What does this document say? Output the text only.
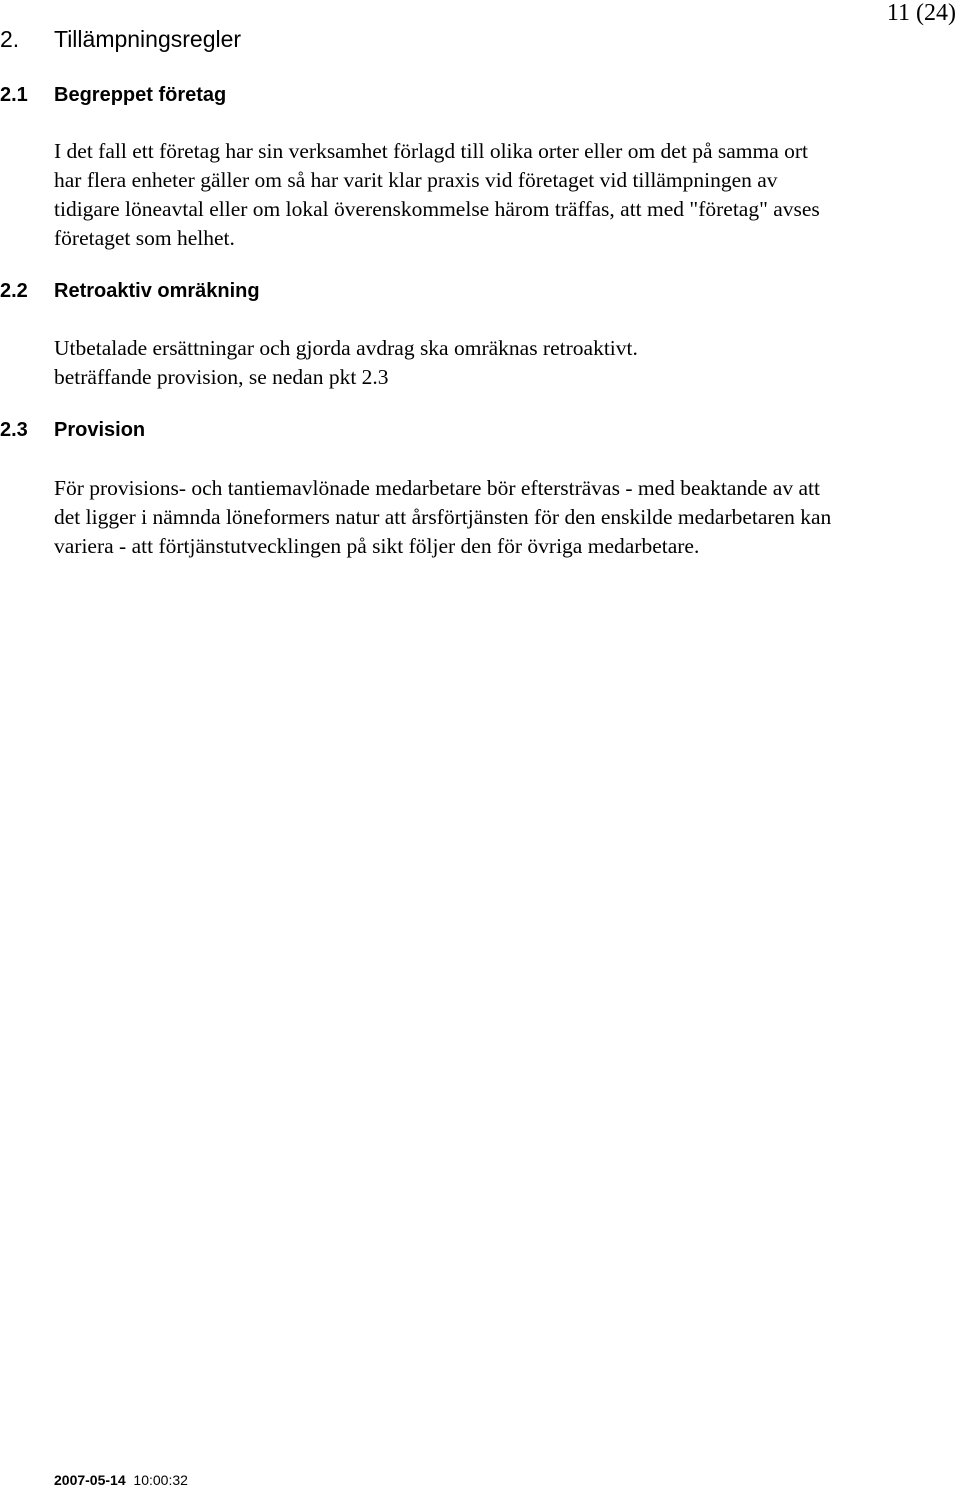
11 (24)
2. Tillämpningsregler
2.1 Begreppet företag
I det fall ett företag har sin verksamhet förlagd till olika orter eller om det på samma ort
har flera enheter gäller om så har varit klar praxis vid företaget vid tillämpningen av
tidigare löneavtal eller om lokal överenskommelse härom träffas, att med "företag" avses
företaget som helhet.
2.2 Retroaktiv omräkning
Utbetalade ersättningar och gjorda avdrag ska omräknas retroaktivt.
beträffande provision, se nedan pkt 2.3
2.3 Provision
För provisions- och tantiemavlönade medarbetare bör eftersträvas - med beaktande av att
det ligger i nämnda löneformers natur att årsförtjänsten för den enskilde medarbetaren kan
variera - att förtjänstutvecklingen på sikt följer den för övriga medarbetare.
2007-05-14 10:00:32
